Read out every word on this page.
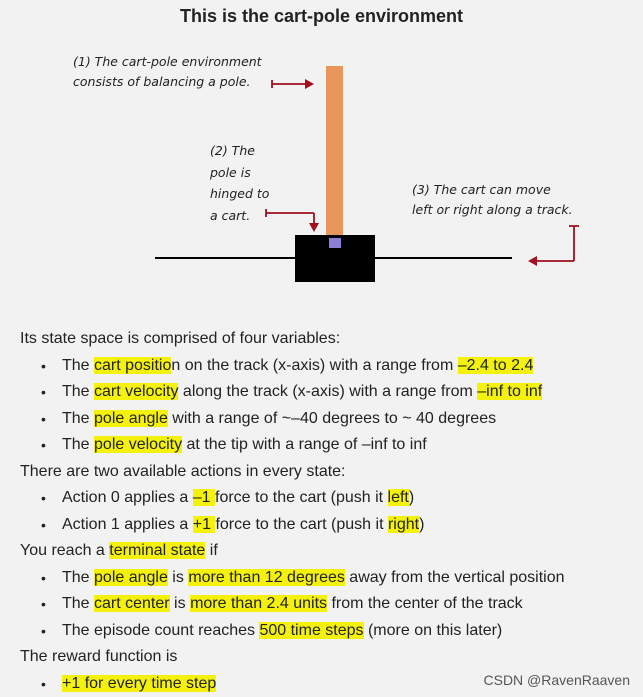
This is the cart-pole environment
(1) The cart-pole environment
consists of balancing a pole.
(2) The
pole is
hinged to
a cart.
(3) The cart can move
left or right along a track.
Its state space is comprised of four variables:
• The cart position on the track (x-axis) with a range from –2.4 to 2.4
• The cart velocity along the track (x-axis) with a range from –inf to inf
• The pole angle with a range of ~–40 degrees to ~ 40 degrees
• The pole velocity at the tip with a range of –inf to inf
There are two available actions in every state:
• Action 0 applies a –1 force to the cart (push it left)
• Action 1 applies a +1 force to the cart (push it right)
You reach a terminal state if
• The pole angle is more than 12 degrees away from the vertical position
• The cart center is more than 2.4 units from the center of the track
• The episode count reaches 500 time steps (more on this later)
The reward function is
• +1 for every time step	CSDN @RavenRaaven
